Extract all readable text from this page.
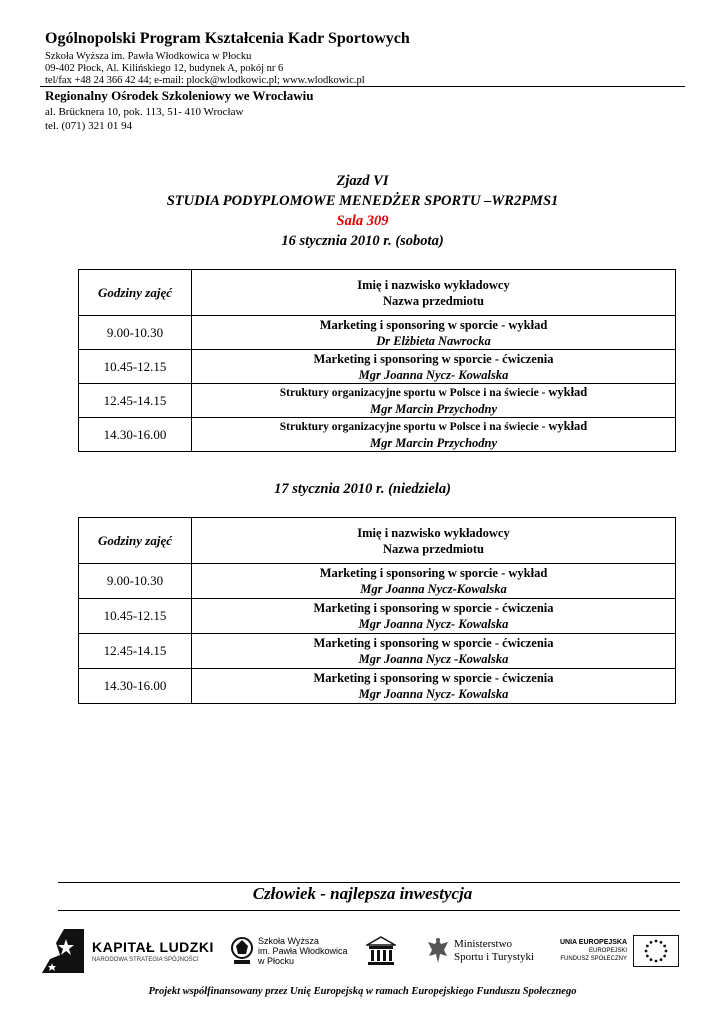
Ogólnopolski Program Kształcenia Kadr Sportowych
Szkoła Wyższa im. Pawła Włodkowica w Płocku
09-402 Płock, Al. Kilińskiego 12, budynek A, pokój nr 6
tel/fax +48 24 366 42 44; e-mail: plock@wlodkowic.pl; www.wlodkowic.pl
Regionalny Ośrodek Szkoleniowy we Wrocławiu
al. Brücknera 10, pok. 113, 51- 410 Wrocław
tel. (071) 321 01 94
Zjazd VI
STUDIA PODYPLOMOWE MENEDŻER SPORTU –WR2PMS1
Sala 309
16 stycznia 2010 r. (sobota)
Godziny zajęć	Imię i nazwisko wykładowcy
Nazwa przedmiotu

9.00-10.30	Marketing i sponsoring w sporcie - wykład
Dr Elżbieta Nawrocka

10.45-12.15	Marketing i sponsoring w sporcie - ćwiczenia
Mgr Joanna Nycz- Kowalska

12.45-14.15	Struktury organizacyjne sportu w Polsce i na świecie - wykład
Mgr Marcin Przychodny

14.30-16.00	Struktury organizacyjne sportu w Polsce i na świecie - wykład
Mgr Marcin Przychodny
17 stycznia 2010 r. (niedziela)
Godziny zajęć	Imię i nazwisko wykładowcy
Nazwa przedmiotu

9.00-10.30	Marketing i sponsoring w sporcie - wykład
Mgr Joanna Nycz-Kowalska

10.45-12.15	Marketing i sponsoring w sporcie - ćwiczenia
Mgr Joanna Nycz- Kowalska

12.45-14.15	Marketing i sponsoring w sporcie - ćwiczenia
Mgr Joanna Nycz -Kowalska

14.30-16.00	Marketing i sponsoring w sporcie - ćwiczenia
Mgr Joanna Nycz- Kowalska
Człowiek - najlepsza inwestycja
KAPITAŁ LUDZKI
NARODOWA STRATEGIA SPÓJNOŚCI
Szkoła Wyższa
im. Pawła Włodkowica
w Płocku
Ministerstwo
Sportu i Turystyki
UNIA EUROPEJSKA
EUROPEJSKI
FUNDUSZ SPOŁECZNY
Projekt współfinansowany przez Unię Europejską w ramach Europejskiego Funduszu Społecznego
